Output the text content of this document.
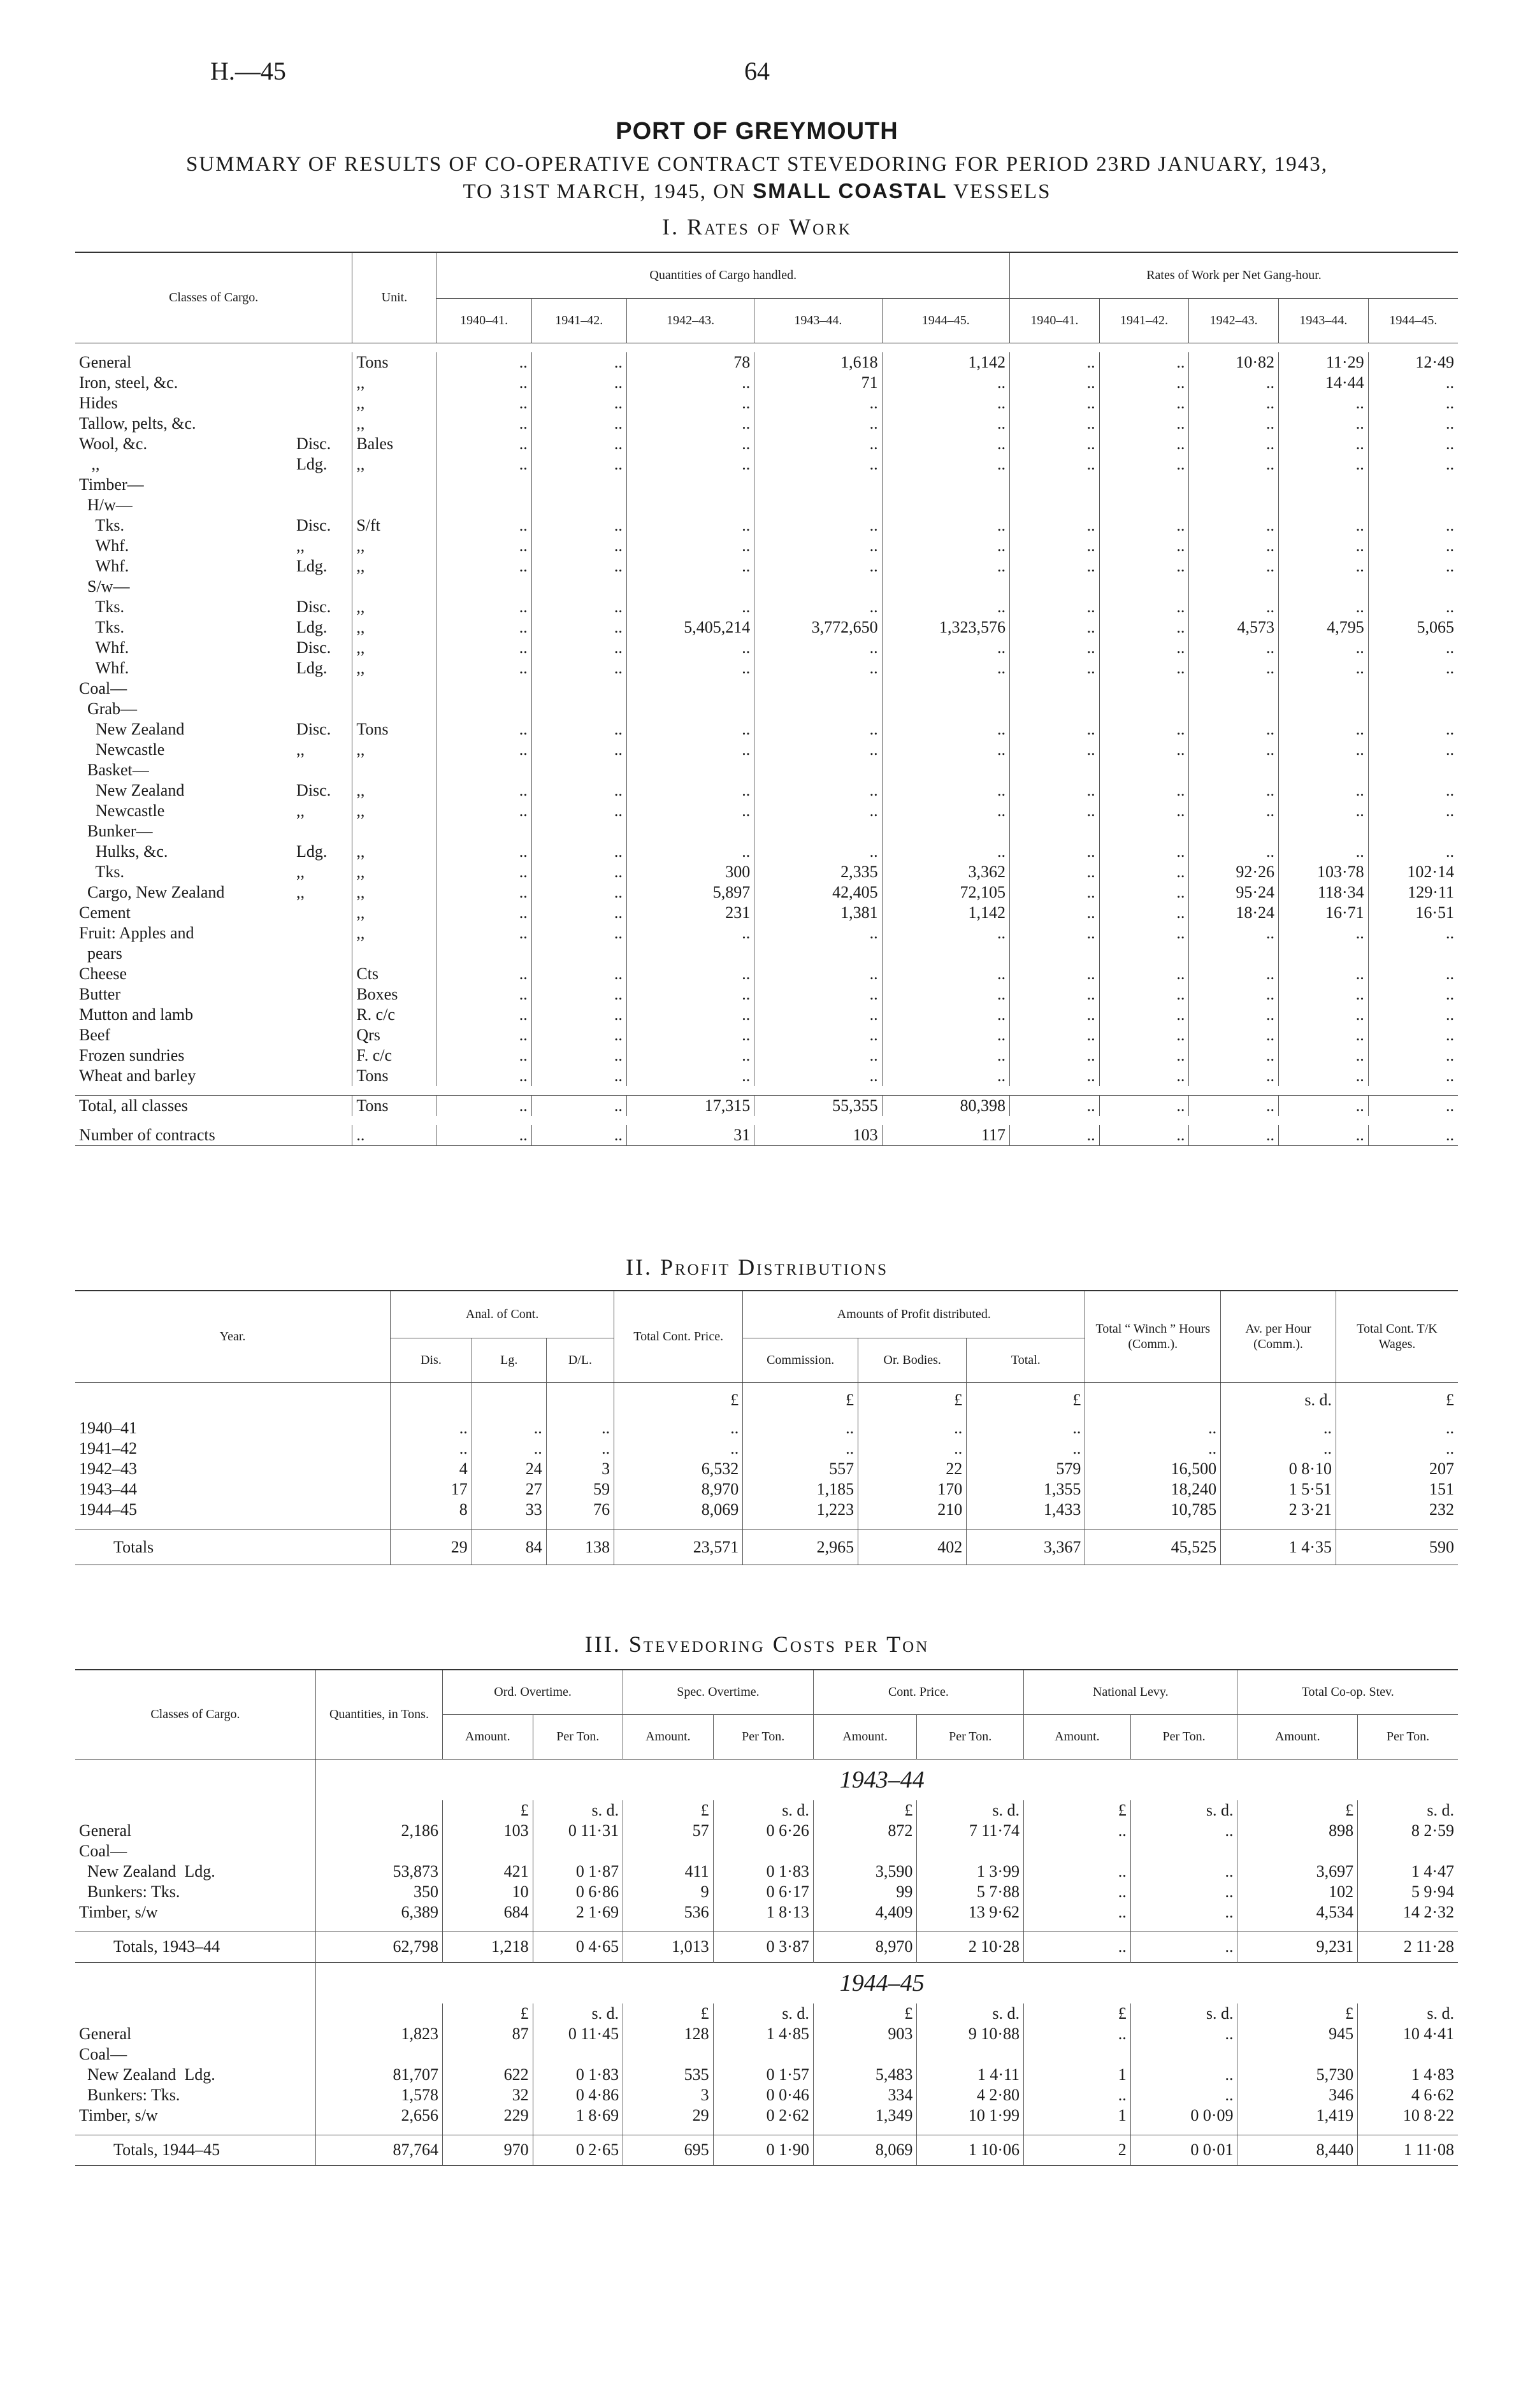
H.—45	64
PORT OF GREYMOUTH
SUMMARY OF RESULTS OF CO-OPERATIVE CONTRACT STEVEDORING FOR PERIOD 23RD JANUARY, 1943,
TO 31ST MARCH, 1945, ON SMALL COASTAL VESSELS
I. Rates of Work
Classes of Cargo.		Unit.	Quantities of Cargo handled.					Rates of Work per Net Gang-hour.				
			1940–41.	1941–42.	1942–43.	1943–44.	1944–45.	1940–41.	1941–42.	1942–43.	1943–44.	1944–45.

General		Tons	..	..	78	1,618	1,142	..	..	10·82	11·29	12·49
Iron, steel, &c.		,,	..	..	..	71	..	..	..	..	14·44	..
Hides		,,	..	..	..	..	..	..	..	..	..	..
Tallow, pelts, &c.		,,	..	..	..	..	..	..	..	..	..	..
Wool, &c.	Disc.	Bales	..	..	..	..	..	..	..	..	..	..
,,	Ldg.	,,	..	..	..	..	..	..	..	..	..	..
Timber—												
H/w—												
Tks.	Disc.	S/ft	..	..	..	..	..	..	..	..	..	..
Whf.	,,	,,	..	..	..	..	..	..	..	..	..	..
Whf.	Ldg.	,,	..	..	..	..	..	..	..	..	..	..
S/w—												
Tks.	Disc.	,,	..	..	..	..	..	..	..	..	..	..
Tks.	Ldg.	,,	..	..	5,405,214	3,772,650	1,323,576	..	..	4,573	4,795	5,065
Whf.	Disc.	,,	..	..	..	..	..	..	..	..	..	..
Whf.	Ldg.	,,	..	..	..	..	..	..	..	..	..	..
Coal—												
Grab—												
New Zealand	Disc.	Tons	..	..	..	..	..	..	..	..	..	..
Newcastle	,,	,,	..	..	..	..	..	..	..	..	..	..
Basket—												
New Zealand	Disc.	,,	..	..	..	..	..	..	..	..	..	..
Newcastle	,,	,,	..	..	..	..	..	..	..	..	..	..
Bunker—												
Hulks, &c.	Ldg.	,,	..	..	..	..	..	..	..	..	..	..
Tks.	,,	,,	..	..	300	2,335	3,362	..	..	92·26	103·78	102·14
Cargo, New Zealand	,,	,,	..	..	5,897	42,405	72,105	..	..	95·24	118·34	129·11
Cement		,,	..	..	231	1,381	1,142	..	..	18·24	16·71	16·51
Fruit: Apples and		,,	..	..	..	..	..	..	..	..	..	..
pears												
Cheese		Cts	..	..	..	..	..	..	..	..	..	..
Butter		Boxes	..	..	..	..	..	..	..	..	..	..
Mutton and lamb		R. c/c	..	..	..	..	..	..	..	..	..	..
Beef		Qrs	..	..	..	..	..	..	..	..	..	..
Frozen sundries		F. c/c	..	..	..	..	..	..	..	..	..	..
Wheat and barley		Tons	..	..	..	..	..	..	..	..	..	..

Total, all classes		Tons	..	..	17,315	55,355	80,398	..	..	..	..	..

Number of contracts		..	..	..	31	103	117	..	..	..	..	..
II. Profit Distributions
Year.	Anal. of Cont.			Total Cont. Price.	Amounts of Profit distributed.			Total “ Winch ” Hours (Comm.).	Av. per Hour (Comm.).	Total Cont. T/K Wages.
	Dis.	Lg.	D/L.		Commission.	Or. Bodies.	Total.			
				£	£	£	£		s. d.	£
1940–41	..	..	..	..	..	..	..	..	..	..
1941–42	..	..	..	..	..	..	..	..	..	..
1942–43	4	24	3	6,532	557	22	579	16,500	0 8·10	207
1943–44	17	27	59	8,970	1,185	170	1,355	18,240	1 5·51	151
1944–45	8	33	76	8,069	1,223	210	1,433	10,785	2 3·21	232

Totals	29	84	138	23,571	2,965	402	3,367	45,525	1 4·35	590
III. Stevedoring Costs per Ton
Classes of Cargo.	Quantities, in Tons.	Ord. Overtime.		Spec. Overtime.		Cont. Price.		National Levy.		Total Co-op. Stev.	
		Amount.	Per Ton.	Amount.	Per Ton.	Amount.	Per Ton.	Amount.	Per Ton.	Amount.	Per Ton.
		1943–44									
		£	s. d.	£	s. d.	£	s. d.	£	s. d.	£	s. d.
General	2,186	103	0 11·31	57	0 6·26	872	7 11·74	..	..	898	8 2·59
Coal—											
New Zealand  Ldg.	53,873	421	0 1·87	411	0 1·83	3,590	1 3·99	..	..	3,697	1 4·47
Bunkers: Tks.	350	10	0 6·86	9	0 6·17	99	5 7·88	..	..	102	5 9·94
Timber, s/w	6,389	684	2 1·69	536	1 8·13	4,409	13 9·62	..	..	4,534	14 2·32

Totals, 1943–44	62,798	1,218	0 4·65	1,013	0 3·87	8,970	2 10·28	..	..	9,231	2 11·28
		1944–45									
		£	s. d.	£	s. d.	£	s. d.	£	s. d.	£	s. d.
General	1,823	87	0 11·45	128	1 4·85	903	9 10·88	..	..	945	10 4·41
Coal—											
New Zealand  Ldg.	81,707	622	0 1·83	535	0 1·57	5,483	1 4·11	1	..	5,730	1 4·83
Bunkers: Tks.	1,578	32	0 4·86	3	0 0·46	334	4 2·80	..	..	346	4 6·62
Timber, s/w	2,656	229	1 8·69	29	0 2·62	1,349	10 1·99	1	0 0·09	1,419	10 8·22

Totals, 1944–45	87,764	970	0 2·65	695	0 1·90	8,069	1 10·06	2	0 0·01	8,440	1 11·08
